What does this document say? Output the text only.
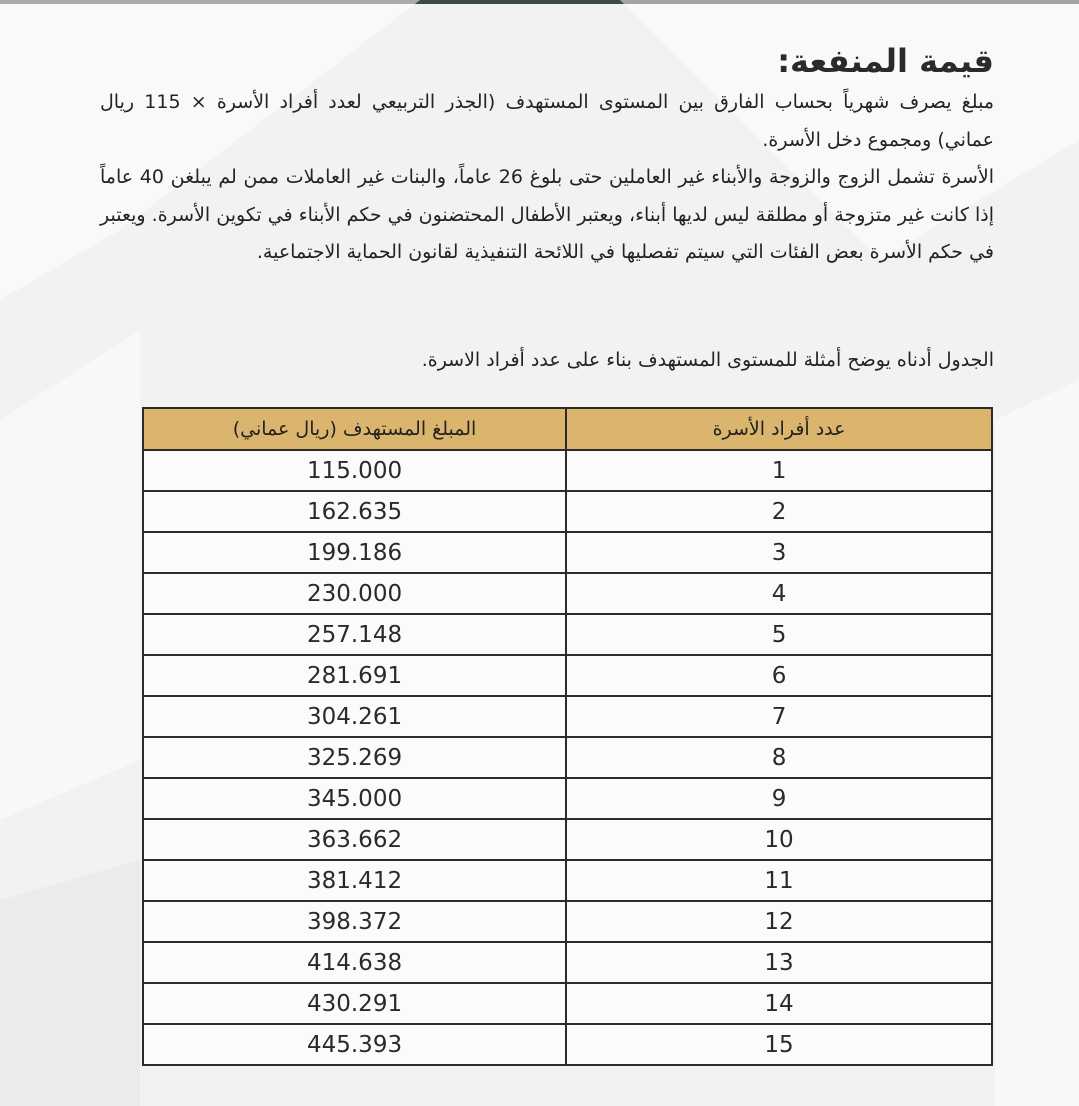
قيمة المنفعة:

مبلغ يصرف شهرياً بحساب الفارق بين المستوى المستهدف (الجذر التربيعي لعدد أفراد الأسرة × 115 ريال عماني) ومجموع دخل الأسرة.

الأسرة تشمل الزوج والزوجة والأبناء غير العاملين حتى بلوغ 26 عاماً، والبنات غير العاملات ممن لم يبلغن 40 عاماً إذا كانت غير متزوجة أو مطلقة ليس لديها أبناء، ويعتبر الأطفال المحتضنون في حكم الأبناء في تكوين الأسرة. ويعتبر في حكم الأسرة بعض الفئات التي سيتم تفصليها في اللائحة التنفيذية لقانون الحماية الاجتماعية.

الجدول أدناه يوضح أمثلة للمستوى المستهدف بناء على عدد أفراد الاسرة.

عدد أفراد الأسرة	المبلغ المستهدف (ريال عماني)
1	115.000
2	162.635
3	199.186
4	230.000
5	257.148
6	281.691
7	304.261
8	325.269
9	345.000
10	363.662
11	381.412
12	398.372
13	414.638
14	430.291
15	445.393
